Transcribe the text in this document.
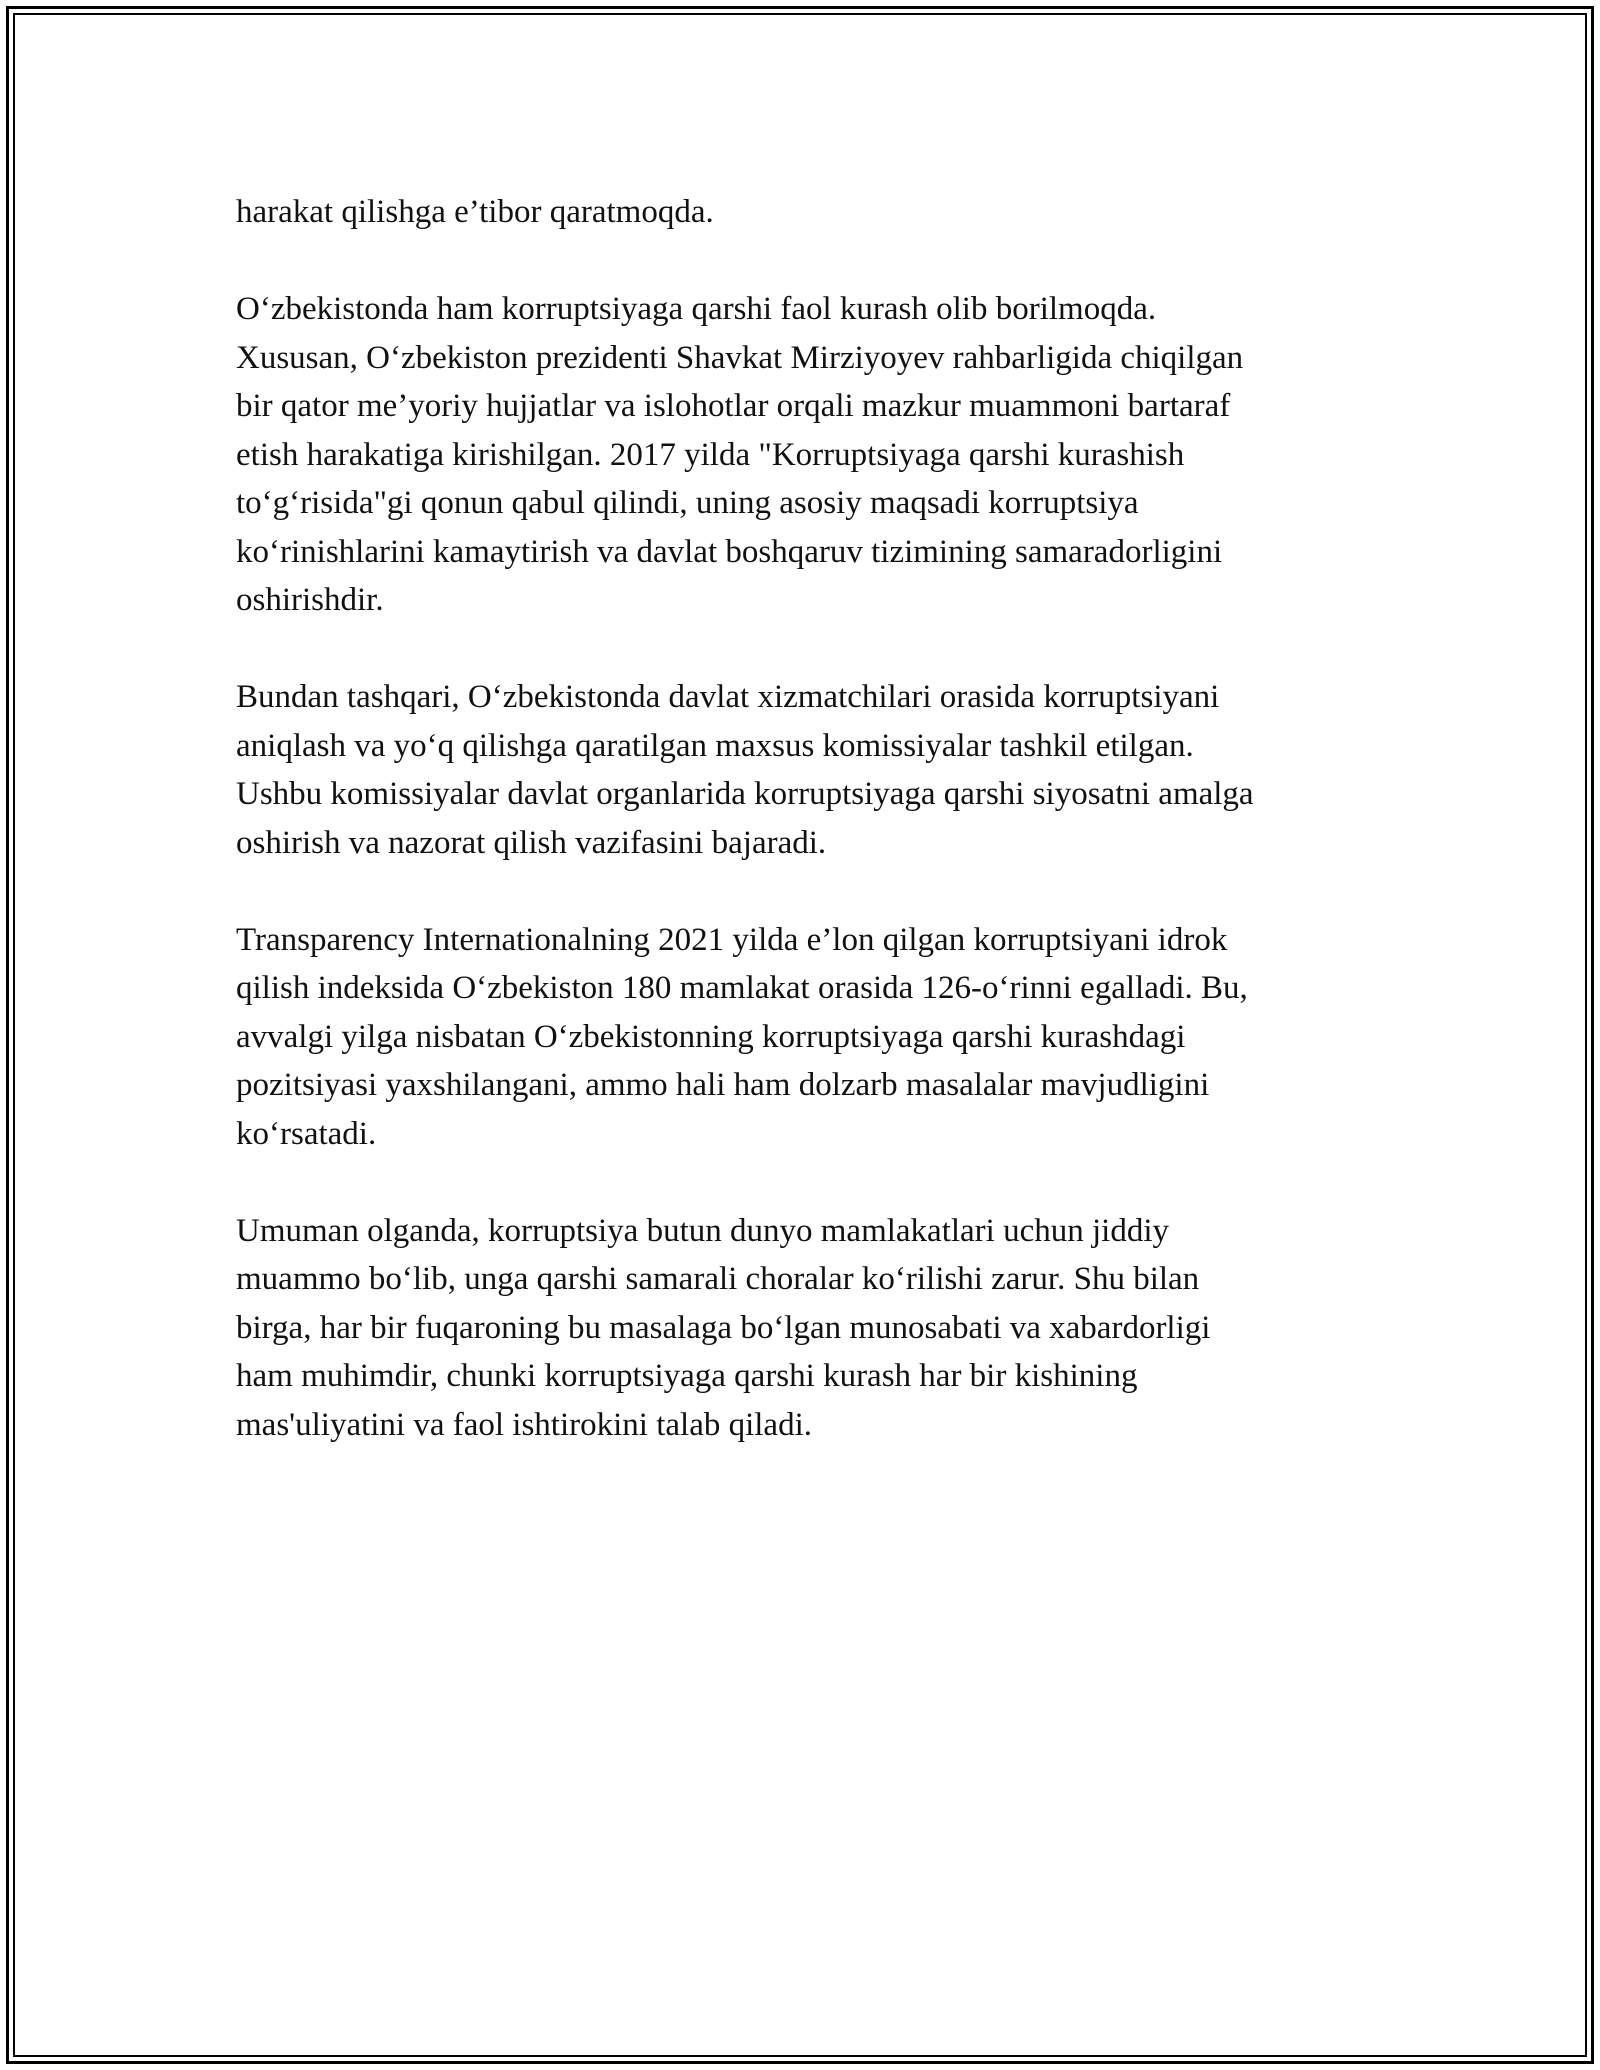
harakat qilishga e’tibor qaratmoqda.

O‘zbekistonda ham korruptsiyaga qarshi faol kurash olib borilmoqda.
Xususan, O‘zbekiston prezidenti Shavkat Mirziyoyev rahbarligida chiqilgan
bir qator me’yoriy hujjatlar va islohotlar orqali mazkur muammoni bartaraf
etish harakatiga kirishilgan. 2017 yilda "Korruptsiyaga qarshi kurashish
to‘g‘risida"gi qonun qabul qilindi, uning asosiy maqsadi korruptsiya
ko‘rinishlarini kamaytirish va davlat boshqaruv tizimining samaradorligini
oshirishdir.

Bundan tashqari, O‘zbekistonda davlat xizmatchilari orasida korruptsiyani
aniqlash va yo‘q qilishga qaratilgan maxsus komissiyalar tashkil etilgan.
Ushbu komissiyalar davlat organlarida korruptsiyaga qarshi siyosatni amalga
oshirish va nazorat qilish vazifasini bajaradi.

Transparency Internationalning 2021 yilda e’lon qilgan korruptsiyani idrok
qilish indeksida O‘zbekiston 180 mamlakat orasida 126-o‘rinni egalladi. Bu,
avvalgi yilga nisbatan O‘zbekistonning korruptsiyaga qarshi kurashdagi
pozitsiyasi yaxshilangani, ammo hali ham dolzarb masalalar mavjudligini
ko‘rsatadi.

Umuman olganda, korruptsiya butun dunyo mamlakatlari uchun jiddiy
muammo bo‘lib, unga qarshi samarali choralar ko‘rilishi zarur. Shu bilan
birga, har bir fuqaroning bu masalaga bo‘lgan munosabati va xabardorligi
ham muhimdir, chunki korruptsiyaga qarshi kurash har bir kishining
mas'uliyatini va faol ishtirokini talab qiladi.
